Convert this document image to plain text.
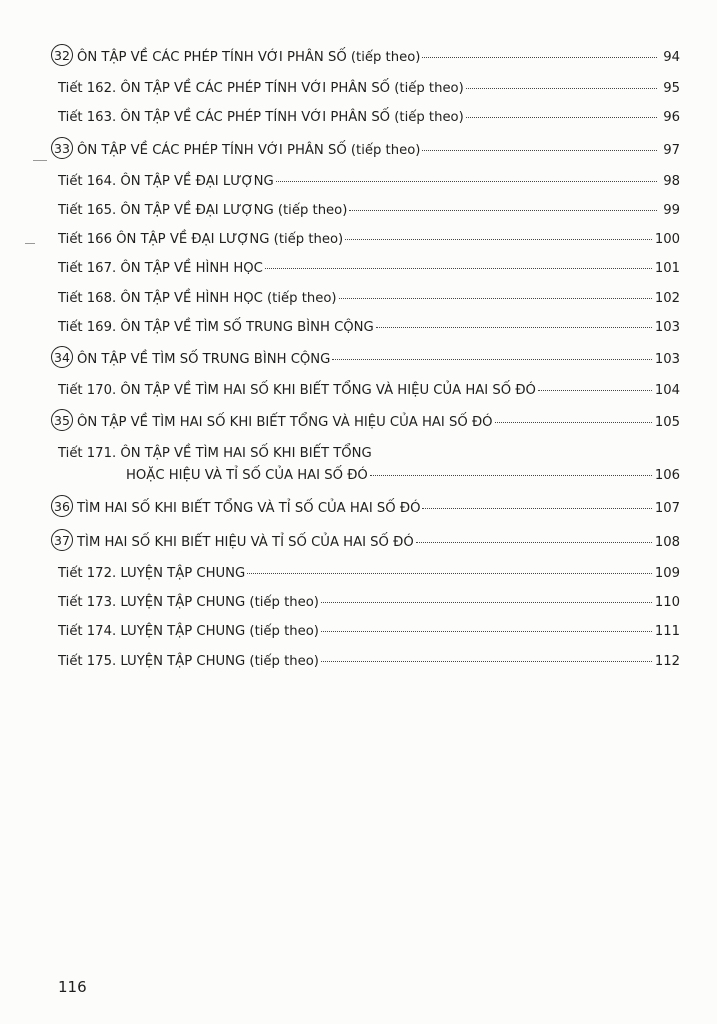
32 ÔN TẬP VỀ CÁC PHÉP TÍNH VỚI PHÂN SỐ (tiếp theo)	94
Tiết 162. ÔN TẬP VỀ CÁC PHÉP TÍNH VỚI PHÂN SỐ (tiếp theo)	95
Tiết 163. ÔN TẬP VỀ CÁC PHÉP TÍNH VỚI PHÂN SỐ (tiếp theo)	96
33 ÔN TẬP VỀ CÁC PHÉP TÍNH VỚI PHÂN SỐ (tiếp theo)	97
Tiết 164. ÔN TẬP VỀ ĐẠI LƯỢNG	98
Tiết 165. ÔN TẬP VỀ ĐẠI LƯỢNG (tiếp theo)	99
Tiết 166 ÔN TẬP VỀ ĐẠI LƯỢNG (tiếp theo)	100
Tiết 167. ÔN TẬP VỀ HÌNH HỌC	101
Tiết 168. ÔN TẬP VỀ HÌNH HỌC (tiếp theo)	102
Tiết 169. ÔN TẬP VỀ TÌM SỐ TRUNG BÌNH CỘNG	103
34 ÔN TẬP VỀ TÌM SỐ TRUNG BÌNH CỘNG	103
Tiết 170. ÔN TẬP VỀ TÌM HAI SỐ KHI BIẾT TỔNG VÀ HIỆU CỦA HAI SỐ ĐÓ	104
35 ÔN TẬP VỀ TÌM HAI SỐ KHI BIẾT TỔNG VÀ HIỆU CỦA HAI SỐ ĐÓ	105
Tiết 171. ÔN TẬP VỀ TÌM HAI SỐ KHI BIẾT TỔNG
HOẶC HIỆU VÀ TỈ SỐ CỦA HAI SỐ ĐÓ	106
36 TÌM HAI SỐ KHI BIẾT TỔNG VÀ TỈ SỐ CỦA HAI SỐ ĐÓ	107
37 TÌM HAI SỐ KHI BIẾT HIỆU VÀ TỈ SỐ CỦA HAI SỐ ĐÓ	108
Tiết 172. LUYỆN TẬP CHUNG	109
Tiết 173. LUYỆN TẬP CHUNG (tiếp theo)	110
Tiết 174. LUYỆN TẬP CHUNG (tiếp theo)	111
Tiết 175. LUYỆN TẬP CHUNG (tiếp theo)	112
116
